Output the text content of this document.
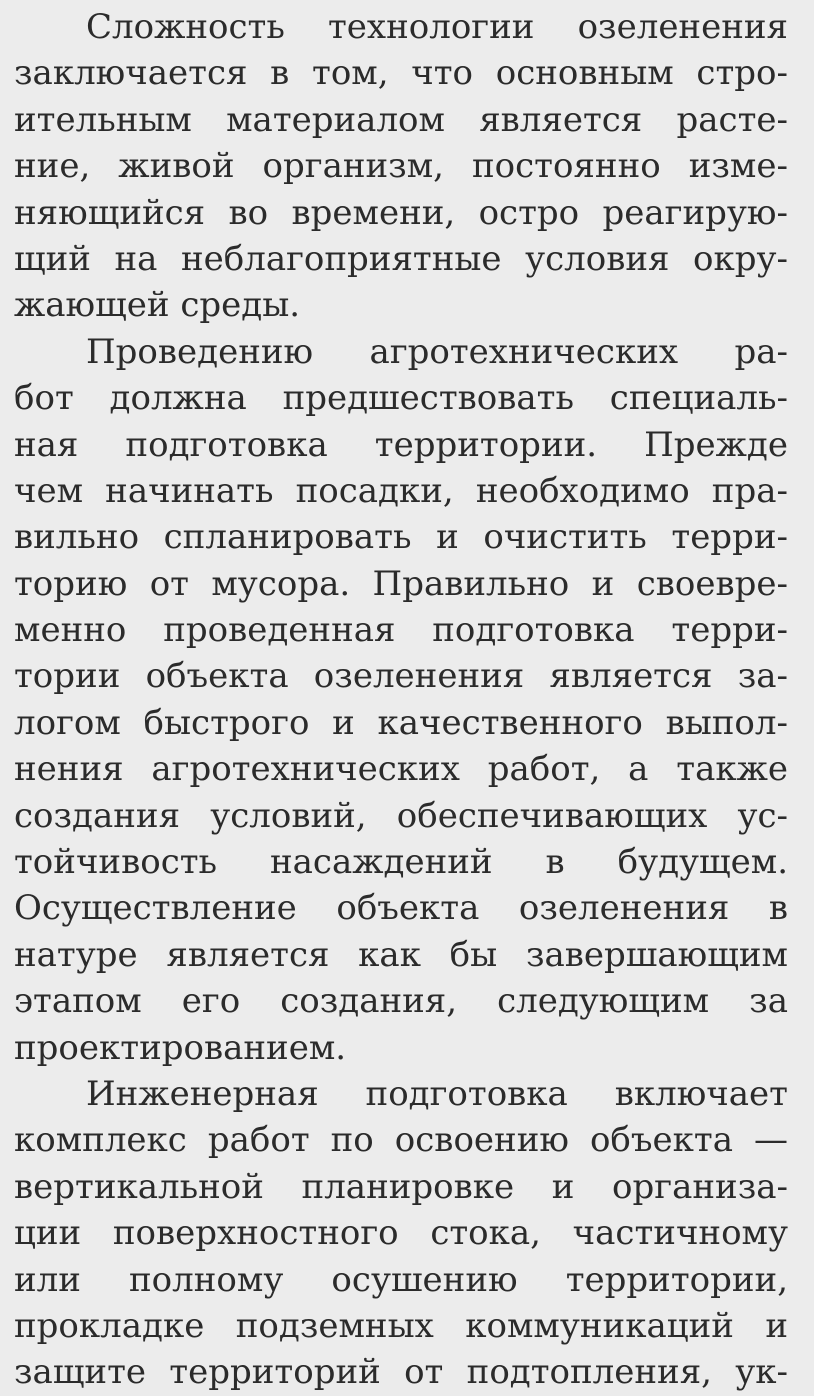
Сложность технологии озеленения
заключается в том, что основным стро-
ительным материалом является расте-
ние, живой организм, постоянно изме-
няющийся во времени, остро реагирую-
щий на неблагоприятные условия окру-
жающей среды.
Проведению агротехнических ра-
бот должна предшествовать специаль-
ная подготовка территории. Прежде
чем начинать посадки, необходимо пра-
вильно спланировать и очистить терри-
торию от мусора. Правильно и своевре-
менно проведенная подготовка терри-
тории объекта озеленения является за-
логом быстрого и качественного выпол-
нения агротехнических работ, а также
создания условий, обеспечивающих ус-
тойчивость насаждений в будущем.
Осуществление объекта озеленения в
натуре является как бы завершающим
этапом его создания, следующим за
проектированием.
Инженерная подготовка включает
комплекс работ по освоению объекта —
вертикальной планировке и организа-
ции поверхностного стока, частичному
или полному осушению территории,
прокладке подземных коммуникаций и
защите территорий от подтопления, ук-
